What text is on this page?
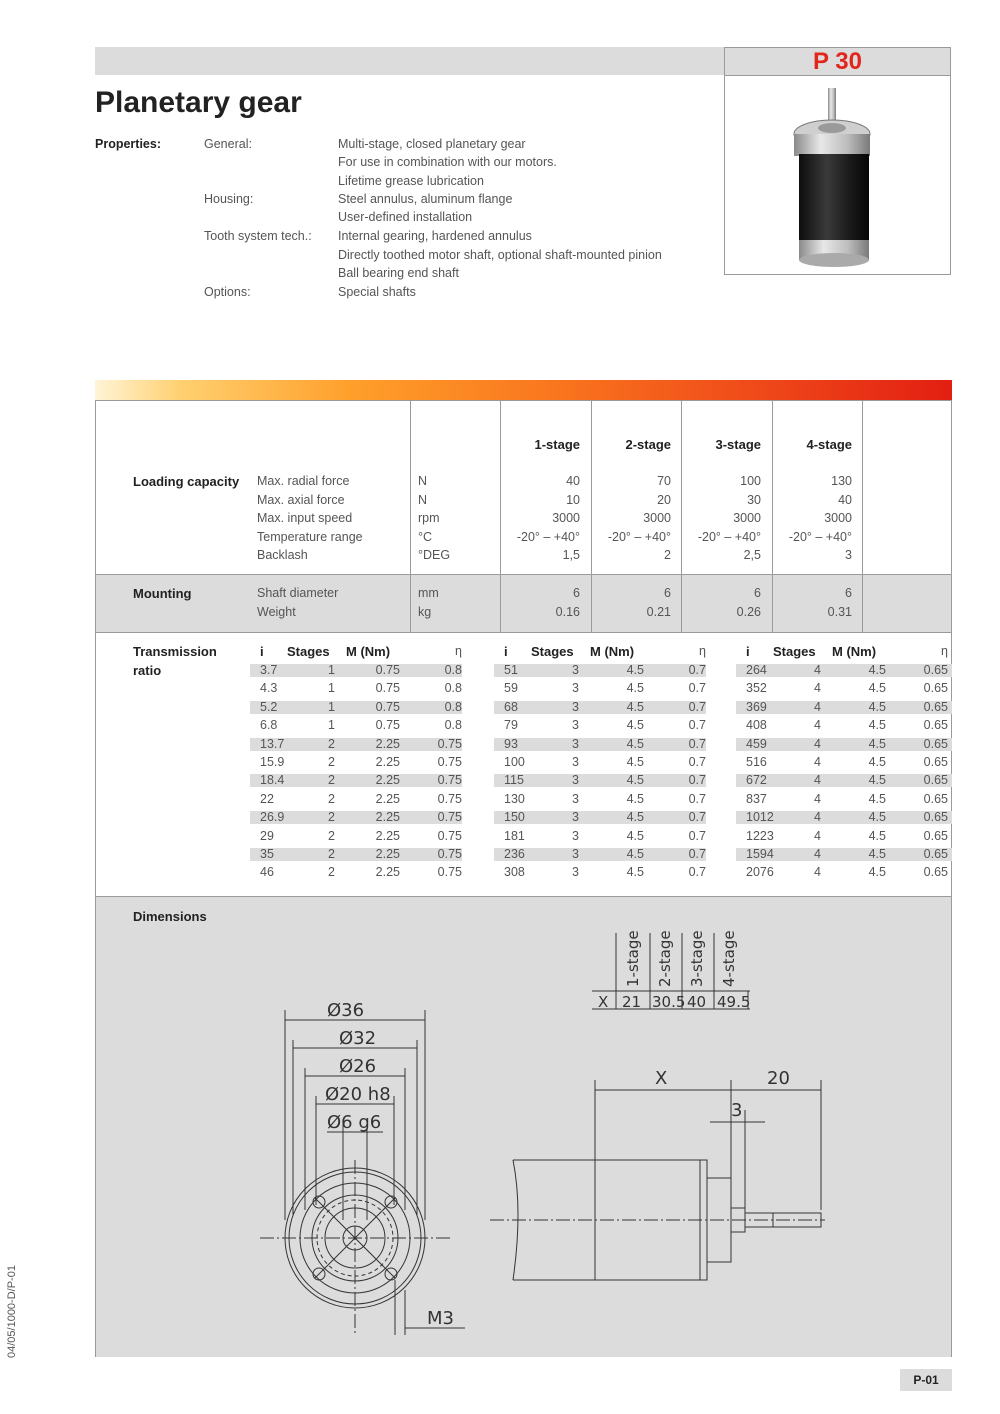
P 30
Planetary gear
Properties:	General:	Multi-stage, closed planetary gear
For use in combination with our motors.
Lifetime grease lubrication
Housing:	Steel annulus, aluminum flange
User-defined installation
Tooth system tech.: Internal gearing, hardened annulus
Directly toothed motor shaft, optional shaft-mounted pinion
Ball bearing end shaft
Options:	Special shafts
1-stage	2-stage	3-stage	4-stage
Loading capacity Max. radial force	N	40	70	100	130
Max. axial force	N	10	20	30	40
Max. input speed	rpm	3000	3000	3000	3000
Temperature range	°C	-20° – +40°	-20° – +40°	-20° – +40°	-20° – +40°
Backlash	°DEG	1,5	2	2,5	3
Mounting	Shaft diameter	mm	6	6	6	6
Weight	kg	0.16	0.21	0.26	0.31
Transmission
ratio
i Stages M (Nm)	η
3.7	1	0.75	0.8
4.3	1	0.75	0.8
5.2	1	0.75	0.8
6.8	1	0.75	0.8
13.7	2	2.25	0.75
15.9	2	2.25	0.75
18.4	2	2.25	0.75
22	2	2.25	0.75
26.9	2	2.25	0.75
29	2	2.25	0.75
35	2	2.25	0.75
46	2	2.25	0.75
i Stages M (Nm)	η
51	3	4.5	0.7
59	3	4.5	0.7
68	3	4.5	0.7
79	3	4.5	0.7
93	3	4.5	0.7
100	3	4.5	0.7
115	3	4.5	0.7
130	3	4.5	0.7
150	3	4.5	0.7
181	3	4.5	0.7
236	3	4.5	0.7
308	3	4.5	0.7
i Stages M (Nm)	η
264	4	4.5	0.65
352	4	4.5	0.65
369	4	4.5	0.65
408	4	4.5	0.65
459	4	4.5	0.65
516	4	4.5	0.65
672	4	4.5	0.65
837	4	4.5	0.65
1012	4	4.5	0.65
1223	4	4.5	0.65
1594	4	4.5	0.65
2076	4	4.5	0.65
Dimensions
X 21 30.5 40 49.5
1-stage 2-stage 3-stage 4-stage
Ø36
Ø32
Ø26
Ø20 h8
Ø6 g6
M3
X	20
3
04/05/1000-D/P-01
P-01
